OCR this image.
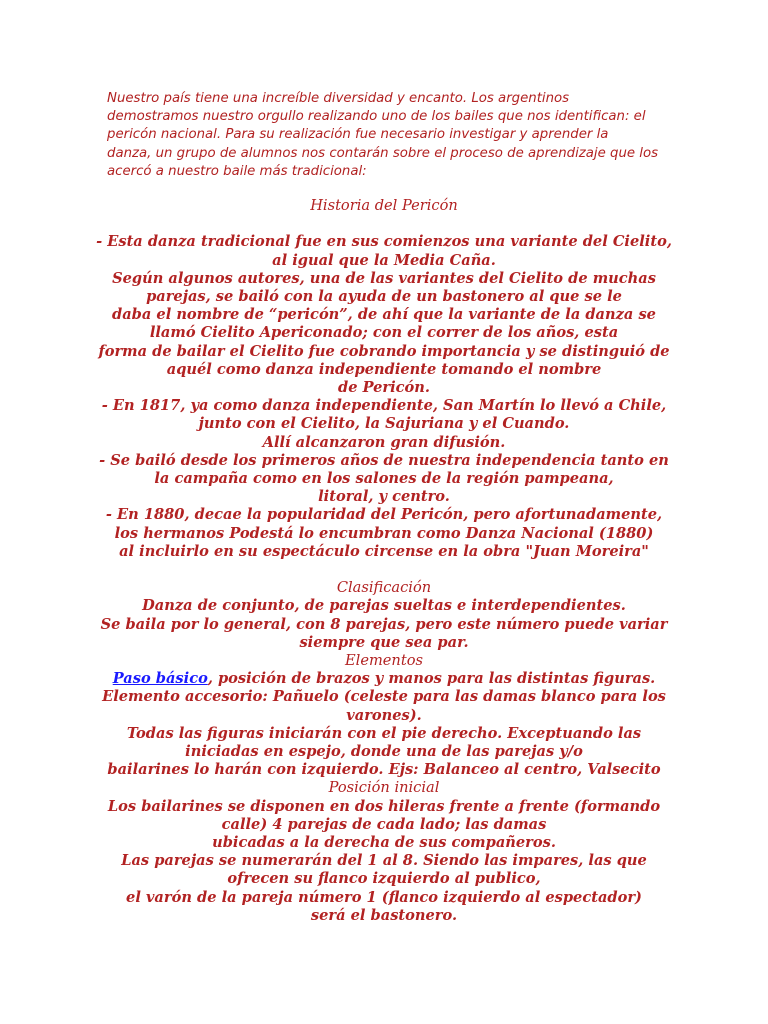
Nuestro país tiene una increíble diversidad y encanto. Los argentinos
demostramos nuestro orgullo realizando uno de los bailes que nos identifican: el
pericón nacional. Para su realización fue necesario investigar y aprender la
danza, un grupo de alumnos nos contarán sobre el proceso de aprendizaje que los
acercó a nuestro baile más tradicional:
Historia del Pericón
- Esta danza tradicional fue en sus comienzos una variante del Cielito,
al igual que la Media Caña.
Según algunos autores, una de las variantes del Cielito de muchas
parejas, se bailó con la ayuda de un bastonero al que se le
daba el nombre de “pericón”, de ahí que la variante de la danza se
llamó Cielito Apericonado; con el correr de los años, esta
forma de bailar el Cielito fue cobrando importancia y se distinguió de
aquél como danza independiente tomando el nombre
de Pericón.
- En 1817, ya como danza independiente, San Martín lo llevó a Chile,
junto con el Cielito, la Sajuriana y el Cuando.
Allí alcanzaron gran difusión.
- Se bailó desde los primeros años de nuestra independencia tanto en
la campaña como en los salones de la región pampeana,
litoral, y centro.
- En 1880, decae la popularidad del Pericón, pero afortunadamente,
los hermanos Podestá lo encumbran como Danza Nacional (1880)
al incluirlo en su espectáculo circense en la obra "Juan Moreira"
Clasificación
Danza de conjunto, de parejas sueltas e interdependientes.
Se baila por lo general, con 8 parejas, pero este número puede variar
siempre que sea par.
Elementos
Paso básico, posición de brazos y manos para las distintas figuras.
Elemento accesorio: Pañuelo (celeste para las damas blanco para los
varones).
Todas las figuras iniciarán con el pie derecho. Exceptuando las
iniciadas en espejo, donde una de las parejas y/o
bailarines lo harán con izquierdo. Ejs: Balanceo al centro, Valsecito
Posición inicial
Los bailarines se disponen en dos hileras frente a frente (formando
calle) 4 parejas de cada lado; las damas
ubicadas a la derecha de sus compañeros.
Las parejas se numerarán del 1 al 8. Siendo las impares, las que
ofrecen su flanco izquierdo al publico,
el varón de la pareja número 1 (flanco izquierdo al espectador)
será el bastonero.
